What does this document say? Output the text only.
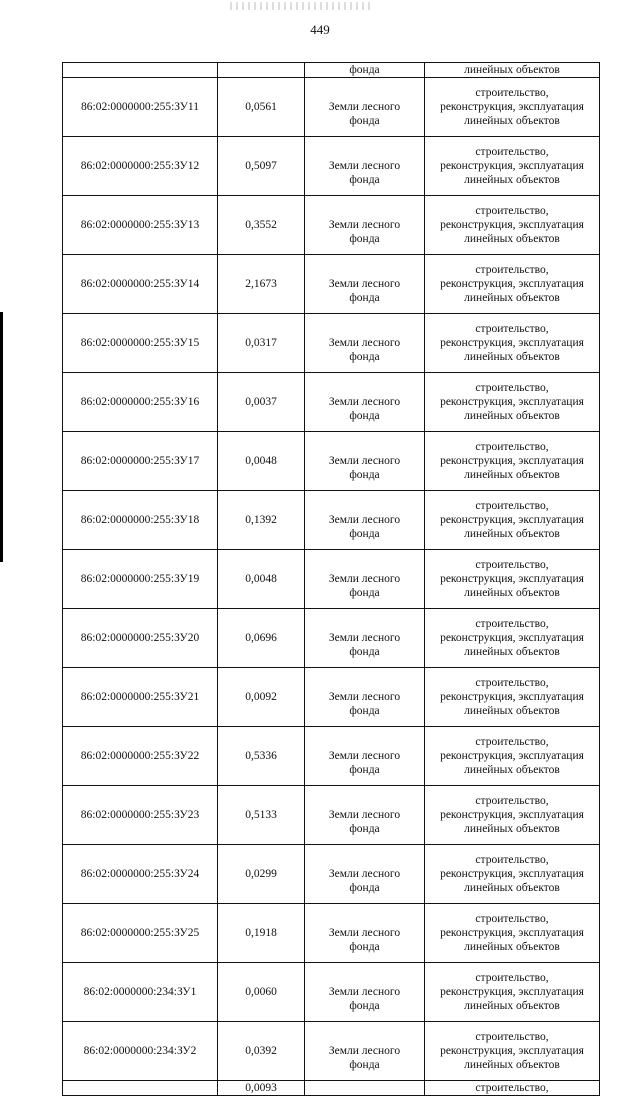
449
		фонда	линейных объектов
86:02:0000000:255:ЗУ11	0,0561	Земли лесного
фонда	строительство,
реконструкция, эксплуатация
линейных объектов

86:02:0000000:255:ЗУ12	0,5097	Земли лесного
фонда	строительство,
реконструкция, эксплуатация
линейных объектов

86:02:0000000:255:ЗУ13	0,3552	Земли лесного
фонда	строительство,
реконструкция, эксплуатация
линейных объектов

86:02:0000000:255:ЗУ14	2,1673	Земли лесного
фонда	строительство,
реконструкция, эксплуатация
линейных объектов

86:02:0000000:255:ЗУ15	0,0317	Земли лесного
фонда	строительство,
реконструкция, эксплуатация
линейных объектов

86:02:0000000:255:ЗУ16	0,0037	Земли лесного
фонда	строительство,
реконструкция, эксплуатация
линейных объектов

86:02:0000000:255:ЗУ17	0,0048	Земли лесного
фонда	строительство,
реконструкция, эксплуатация
линейных объектов

86:02:0000000:255:ЗУ18	0,1392	Земли лесного
фонда	строительство,
реконструкция, эксплуатация
линейных объектов

86:02:0000000:255:ЗУ19	0,0048	Земли лесного
фонда	строительство,
реконструкция, эксплуатация
линейных объектов

86:02:0000000:255:ЗУ20	0,0696	Земли лесного
фонда	строительство,
реконструкция, эксплуатация
линейных объектов

86:02:0000000:255:ЗУ21	0,0092	Земли лесного
фонда	строительство,
реконструкция, эксплуатация
линейных объектов

86:02:0000000:255:ЗУ22	0,5336	Земли лесного
фонда	строительство,
реконструкция, эксплуатация
линейных объектов

86:02:0000000:255:ЗУ23	0,5133	Земли лесного
фонда	строительство,
реконструкция, эксплуатация
линейных объектов

86:02:0000000:255:ЗУ24	0,0299	Земли лесного
фонда	строительство,
реконструкция, эксплуатация
линейных объектов

86:02:0000000:255:ЗУ25	0,1918	Земли лесного
фонда	строительство,
реконструкция, эксплуатация
линейных объектов

86:02:0000000:234:ЗУ1	0,0060	Земли лесного
фонда	строительство,
реконструкция, эксплуатация
линейных объектов

86:02:0000000:234:ЗУ2	0,0392	Земли лесного
фонда	строительство,
реконструкция, эксплуатация
линейных объектов

	0,0093		строительство,
